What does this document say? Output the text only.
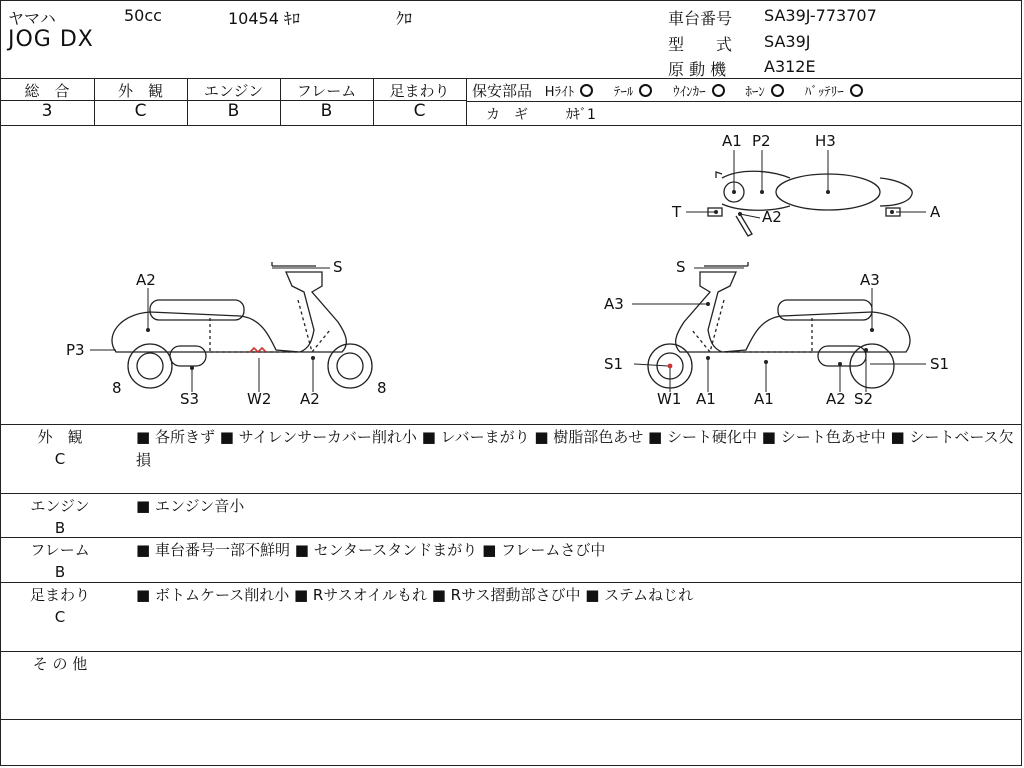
ヤマハ	50cc	10454 ｷﾛ	ｸﾛ
JOG DX
車台番号 SA39J-773707
型　　式 SA39J
原 動 機 A312E
総　合	外　観	エンジン	フレーム	足まわり
3	C	B	B	C
保安部品 Hﾗｲﾄ	ﾃｰﾙ	ｳｲﾝｶｰ	ﾎｰﾝ	ﾊﾞｯﾃﾘｰ
カ　ギ	ｶｷﾞ1
S
A2
P3
8
S3	W2 A2
8
A1 P2	H3
T	A2	A
S
A3
A3
S1	S1
W1 A1	A1	A2 S2
外　観
C
■ 各所きず ■ サイレンサーカバー削れ小 ■ レバーまがり ■ 樹脂部色あせ ■ シート硬化中 ■ シート色あせ中 ■ シートベース欠損
エンジン
B
■ エンジン音小
フレーム
B
■ 車台番号一部不鮮明 ■ センタースタンドまがり ■ フレームさび中
足まわり
C
■ ボトムケース削れ小 ■ Rサスオイルもれ ■ Rサス摺動部さび中 ■ ステムねじれ
そ の 他
